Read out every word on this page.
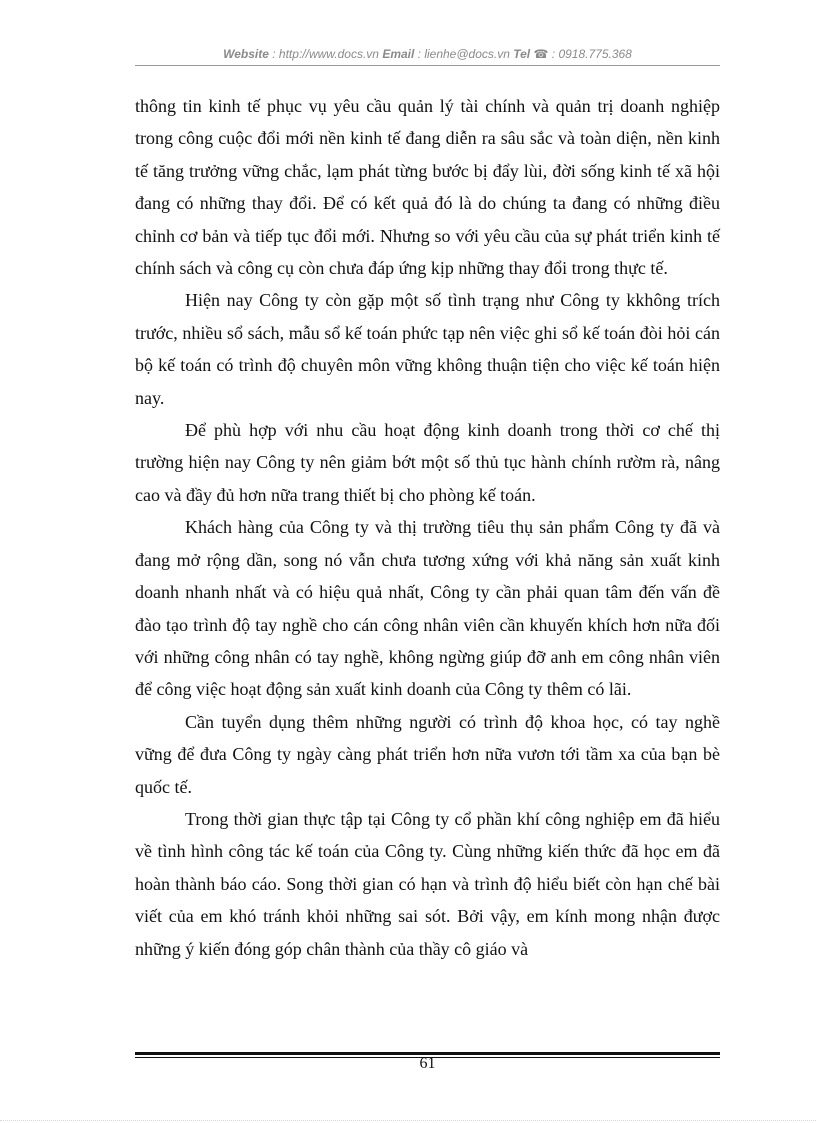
Website : http://www.docs.vn Email : lienhe@docs.vn Tel ☎ : 0918.775.368

thông tin kinh tế phục vụ yêu cầu quản lý tài chính và quản trị doanh nghiệp trong công cuộc đổi mới nền kinh tế đang diễn ra sâu sắc và toàn diện, nền kinh tế tăng trưởng vững chắc, lạm phát từng bước bị đẩy lùi, đời sống kinh tế xã hội đang có những thay đổi. Để có kết quả đó là do chúng ta đang có những điều chỉnh cơ bản và tiếp tục đổi mới. Nhưng so với yêu cầu của sự phát triển kinh tế chính sách và công cụ còn chưa đáp ứng kịp những thay đổi trong thực tế.

Hiện nay Công ty còn gặp một số tình trạng như Công ty kkhông trích trước, nhiều sổ sách, mẫu sổ kế toán phức tạp nên việc ghi sổ kế toán đòi hỏi cán bộ kế toán có trình độ chuyên môn vững không thuận tiện cho việc kế toán hiện nay.

Để phù hợp với nhu cầu hoạt động kinh doanh trong thời cơ chế thị trường hiện nay Công ty nên giảm bớt một số thủ tục hành chính rườm rà, nâng cao và đầy đủ hơn nữa trang thiết bị cho phòng kế toán.

Khách hàng của Công ty và thị trường tiêu thụ sản phẩm Công ty đã và đang mở rộng dần, song nó vẫn chưa tương xứng với khả năng sản xuất kinh doanh nhanh nhất và có hiệu quả nhất, Công ty cần phải quan tâm đến vấn đề đào tạo trình độ tay nghề cho cán công nhân viên cần khuyến khích hơn nữa đối với những công nhân có tay nghề, không ngừng giúp đỡ anh em công nhân viên để công việc hoạt động sản xuất kinh doanh của Công ty thêm có lãi.

Cần tuyển dụng thêm những người có trình độ khoa học, có tay nghề vững để đưa Công ty ngày càng phát triển hơn nữa vươn tới tầm xa của bạn bè quốc tế.

Trong thời gian thực tập tại Công ty cổ phần khí công nghiệp em đã hiểu về tình hình công tác kế toán của Công ty. Cùng những kiến thức đã học em đã hoàn thành báo cáo. Song thời gian có hạn và trình độ hiểu biết còn hạn chế bài viết của em khó tránh khỏi những sai sót. Bởi vậy, em kính mong nhận được những ý kiến đóng góp chân thành của thầy cô giáo và

61
